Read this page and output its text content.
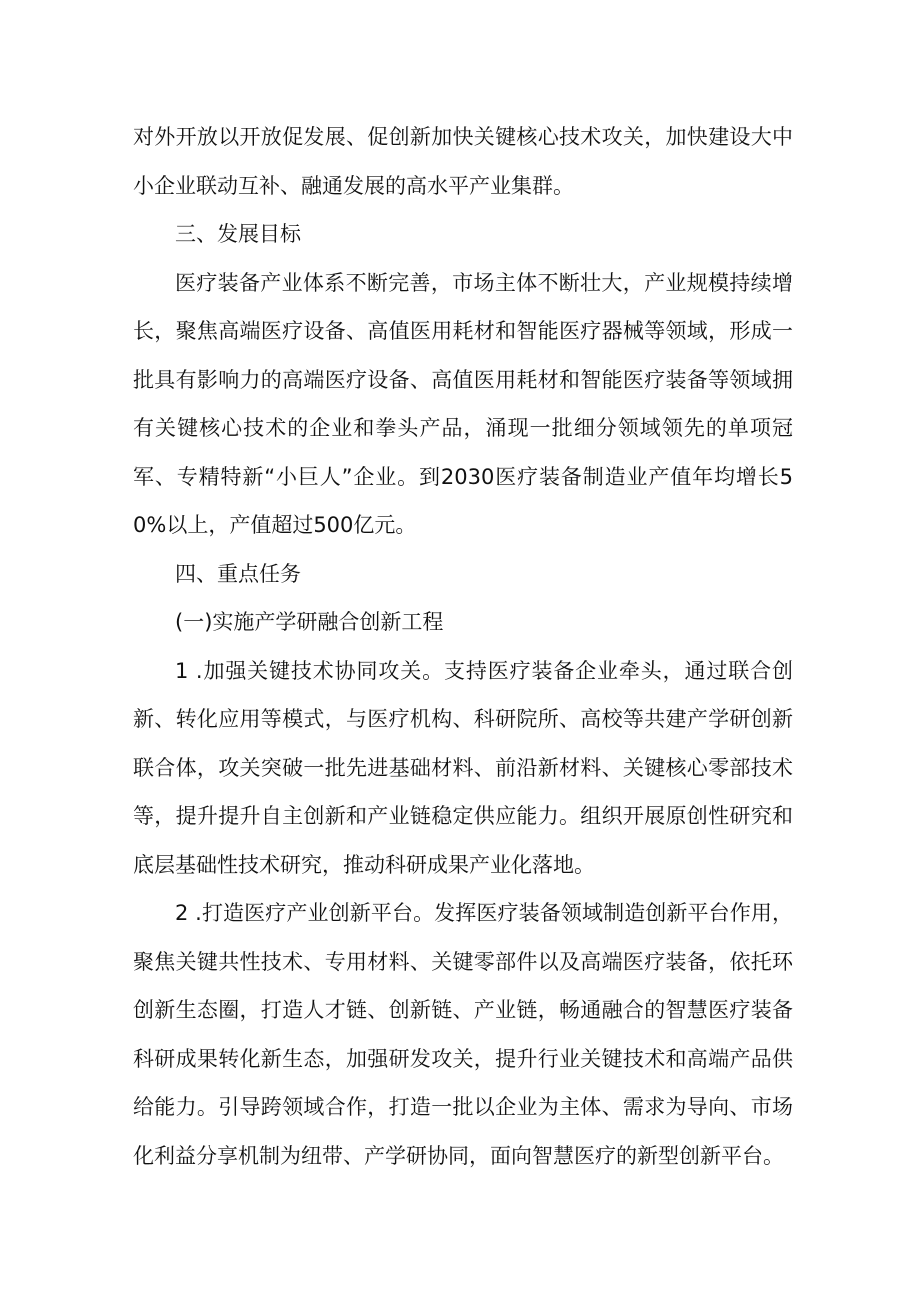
对外开放以开放促发展、促创新加快关键核心技术攻关，加快建设大中小企业联动互补、融通发展的高水平产业集群。

三、发展目标

医疗装备产业体系不断完善，市场主体不断壮大，产业规模持续增长，聚焦高端医疗设备、高值医用耗材和智能医疗器械等领域，形成一批具有影响力的高端医疗设备、高值医用耗材和智能医疗装备等领域拥有关键核心技术的企业和拳头产品，涌现一批细分领域领先的单项冠军、专精特新“小巨人”企业。到2030医疗装备制造业产值年均增长50%以上，产值超过500亿元。

四、重点任务

(一)实施产学研融合创新工程

1 .加强关键技术协同攻关。支持医疗装备企业牵头，通过联合创新、转化应用等模式，与医疗机构、科研院所、高校等共建产学研创新联合体，攻关突破一批先进基础材料、前沿新材料、关键核心零部技术等，提升提升自主创新和产业链稳定供应能力。组织开展原创性研究和底层基础性技术研究，推动科研成果产业化落地。

2 .打造医疗产业创新平台。发挥医疗装备领域制造创新平台作用，聚焦关键共性技术、专用材料、关键零部件以及高端医疗装备，依托环创新生态圈，打造人才链、创新链、产业链，畅通融合的智慧医疗装备科研成果转化新生态，加强研发攻关，提升行业关键技术和高端产品供给能力。引导跨领域合作，打造一批以企业为主体、需求为导向、市场化利益分享机制为纽带、产学研协同，面向智慧医疗的新型创新平台。
